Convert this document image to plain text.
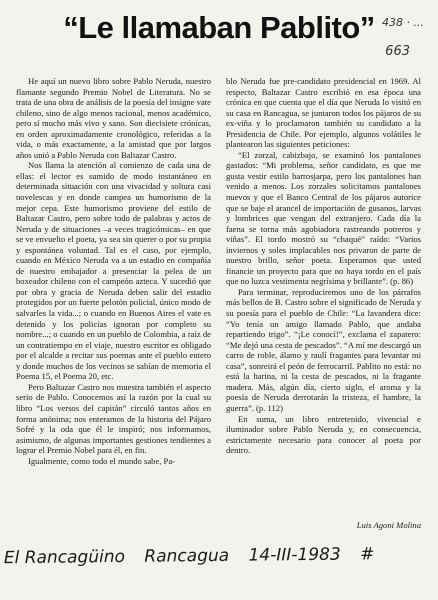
“Le llamaban Pablito” 438 · ...
663

He aquí un nuevo libro sobre Pablo Neruda, nuestro flamante segundo Premio Nobel de Literatura. No se trata de una obra de análisis de la poesía del insigne vate chileno, sino de algo menos racional, menos académico, pero sí mucho más vivo y sano. Son diecisiete crónicas, en orden aproximadamente cronológico, referidas a la vida, o más exactamente, a la amistad que por largos años unió a Pablo Neruda con Baltazar Castro.

Nos llama la atención al comienzo de cada una de ellas: el lector es sumido de modo instantáneo en determinada situación con una vivacidad y soltura casi novelescas y en donde campea un humorismo de la mejor cepa. Este humorismo proviene del estilo de Baltazar Castro, pero sobre todo de palabras y actos de Neruda y de situaciones –a veces tragicómicas– en que se ve envuelto el poeta, ya sea sin querer o por su propia y espontánea voluntad. Tal es el caso, por ejemplo, cuando en México Neruda va a un estadio en compañía de nuestro embajador a presenciar la pelea de un boxeador chileno con el campeón azteca. Y sucedió que por obra y gracia de Neruda deben salir del estadio protegidos por un fuerte pelotón policial, único modo de salvarles la vida...; o cuando en Buenos Aires el vate es detenido y los policías ignoran por completo su nombre...; o cuando en un pueblo de Colombia, a raíz de un contratiempo en el viaje, nuestro escritor es obligado por el alcalde a recitar sus poemas ante el pueblo entero y donde muchos de los vecinos se sabían de memoria el Poema 15, el Poema 20, etc.

Pero Baltazar Castro nos muestra también el aspecto serio de Pablo. Conocemos así la razón por la cual su libro “Los versos del capitán” circuló tantos años en forma anónima; nos enteramos de la historia del Pájaro Sofré y la oda que él le inspiró; nos informamos, asimismo, de algunas importantes gestiones tendientes a lograr el Premio Nobel para él, en fin.

Igualmente, como todo el mundo sabe, Pa-

blo Neruda fue pre-candidato presidencial en 1969. Al respecto, Baltazar Castro escribió en esa época una crónica en que cuenta que el día que Neruda lo visitó en su casa en Rancagua, se juntaron todos los pájaros de su ex-viña y lo proclamaron también su candidato a la Presidencia de Chile. Por ejemplo, algunos volátiles le plantearon las siguientes peticiones:

“El zorzal, cabizbajo, se examinó los pantalones gastados: “Mi problema, señor candidato, es que me gusta vestir estilo barrosjarpa, pero los pantalones han venido a menos. Los zorzales solicitamos pantalones nuevos y que el Banco Central de los pájaros autorice que se baje el arancel de importación de gusanos, larvas y lombrices que vengan del extranjero. Cada día la faena se torna más agobiadora rastreando potreros y viñas”. El tordo mostró su “chaqué” raído: “Varios inviernos y soles implacables nos privaron de parte de nuestro brillo, señor poeta. Esperamos que usted financie un proyecto para que no haya tordo en el país que no luzca vestimenta negrísima y brillante”. (p. 86)

Para terminar, reproduciremos uno de los párrafos más bellos de B. Castro sobre el significado de Neruda y su poesía para el pueblo de Chile: “La lavandera dice: “Yo tenía un amigo llamado Pablo, que andaba repartiendo trigo”. “¡Le conocí!”, exclama el zapatero: “Me dejó una cesta de pescados”. “A mí me descargó un carro de roble, álamo y raulí fragantes para levantar mi casa”, sonreirá el peón de ferrocarril. Pablito no está: no está la harina, ni la cesta de pescados, ni la fragante madera. Más, algún día, cierto siglo, el aroma y la poesía de Neruda derrotarán la tristeza, el hambre, la guerra”. (p. 112)

En suma, un libro entretenido, vivencial e iluminador sobre Pablo Neruda y, en consecuencia, estrictamente necesario para conocer al poeta por dentro.

Luis Agoni Molina
El Rancagüino Rancagua 14-III-1983 #
